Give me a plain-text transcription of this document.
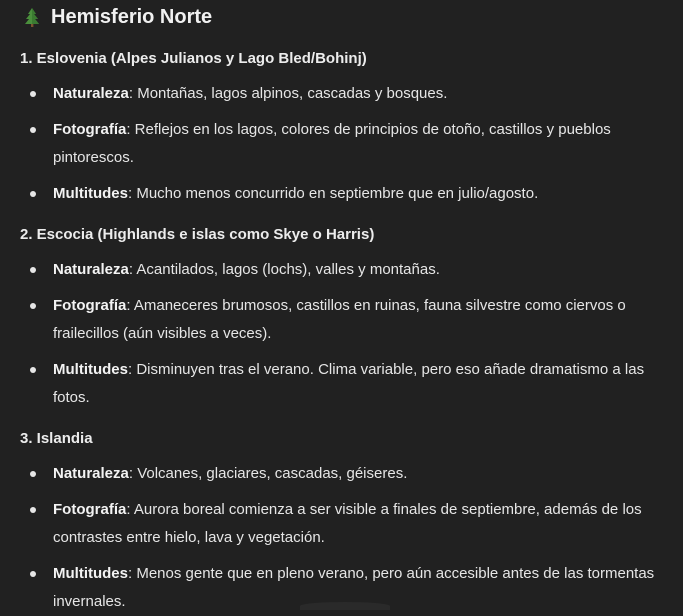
Hemisferio Norte
1. Eslovenia (Alpes Julianos y Lago Bled/Bohinj)
Naturaleza: Montañas, lagos alpinos, cascadas y bosques.
Fotografía: Reflejos en los lagos, colores de principios de otoño, castillos y pueblos pintorescos.
Multitudes: Mucho menos concurrido en septiembre que en julio/agosto.
2. Escocia (Highlands e islas como Skye o Harris)
Naturaleza: Acantilados, lagos (lochs), valles y montañas.
Fotografía: Amaneceres brumosos, castillos en ruinas, fauna silvestre como ciervos o frailecillos (aún visibles a veces).
Multitudes: Disminuyen tras el verano. Clima variable, pero eso añade dramatismo a las fotos.
3. Islandia
Naturaleza: Volcanes, glaciares, cascadas, géiseres.
Fotografía: Aurora boreal comienza a ser visible a finales de septiembre, además de los contrastes entre hielo, lava y vegetación.
Multitudes: Menos gente que en pleno verano, pero aún accesible antes de las tormentas invernales.
